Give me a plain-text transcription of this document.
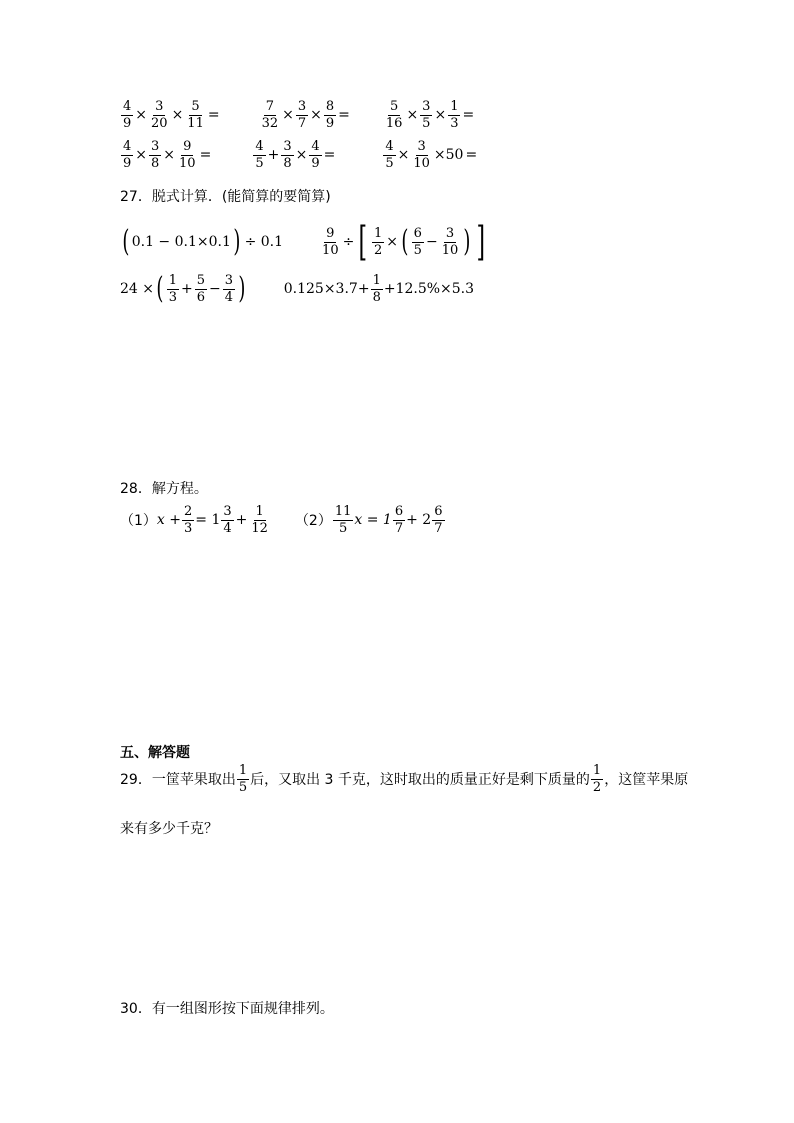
$\frac{4}{9} \times \frac{3}{20} \times \frac{5}{11}$ =	$\frac{7}{32} \times \frac{3}{7} \times \frac{8}{9}$ =	$\frac{5}{16} \times \frac{3}{5} \times \frac{1}{3}$ =
$\frac{4}{9} \times \frac{3}{8} \times \frac{9}{10}$ =	$\frac{4}{5} + \frac{3}{8} \times \frac{4}{9}$ =	$\frac{4}{5} \times \frac{3}{10} \times 50$ =
27．脱式计算．(能简算的要简算)
( 0.1 − 0.1×0.1 ) ÷ 0.1	$\frac{9}{10}$ ÷ [ $\frac{1}{2}$ × ( $\frac{6}{5} - \frac{3}{10}$ ) ]
24 × ( $\frac{1}{3} + \frac{5}{6} - \frac{3}{4}$ )	$0.125\times 3.7+ \frac{1}{8} +12.5\%\times 5.3$
28．解方程。
（1） $x + \frac{2}{3} = 1 \frac{3}{4} + \frac{1}{12} (2) \frac{11}{5}$ $x = 1 \frac{6}{7} + 2 \frac{6}{7}$
五、解答题
29．一筐苹果取出 $\frac{1}{5}$ 后，又取出 3 千克，这时取出的质量正好是剩下质量的 $\frac{1}{2}$ ，这筐苹果原
来有多少千克？
30．有一组图形按下面规律排列。
